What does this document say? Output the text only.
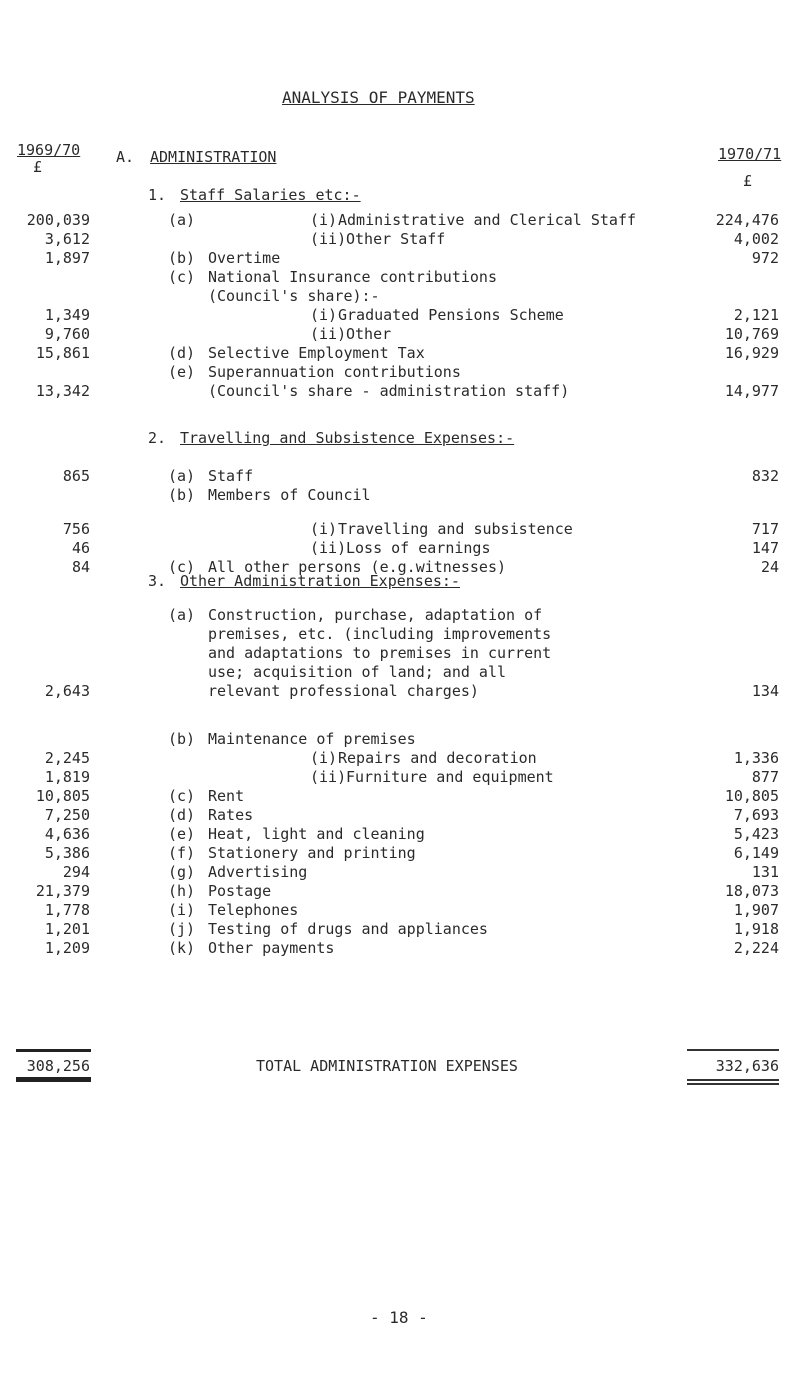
ANALYSIS OF PAYMENTS
1969/70
£
1970/71
£
A. ADMINISTRATION
1. Staff Salaries etc:-
2. Travelling and Subsistence Expenses:-
3. Other Administration Expenses:-
200,039	(a)	(i) Administrative and Clerical Staff	224,476
3,612	(ii) Other Staff	4,002
1,897	(b) Overtime	972
(c) National Insurance contributions
(Council's share):-
1,349	(i) Graduated Pensions Scheme	2,121
9,760	(ii) Other	10,769
15,861	(d) Selective Employment Tax	16,929
(e) Superannuation contributions
13,342	(Council's share - administration staff)	14,977
865	(a) Staff	832
(b) Members of Council
756	(i) Travelling and subsistence	717
46	(ii) Loss of earnings	147
84	(c) All other persons (e.g.witnesses)	24
(a) Construction, purchase, adaptation of
premises, etc. (including improvements
and adaptations to premises in current
use; acquisition of land; and all
2,643	relevant professional charges)	134
(b) Maintenance of premises
2,245	(i) Repairs and decoration	1,336
1,819	(ii) Furniture and equipment	877
10,805	(c) Rent	10,805
7,250	(d) Rates	7,693
4,636	(e) Heat, light and cleaning	5,423
5,386	(f) Stationery and printing	6,149
294	(g) Advertising	131
21,379	(h) Postage	18,073
1,778	(i) Telephones	1,907
1,201	(j) Testing of drugs and appliances	1,918
1,209	(k) Other payments	2,224
308,256	TOTAL ADMINISTRATION EXPENSES	332,636
- 18 -
